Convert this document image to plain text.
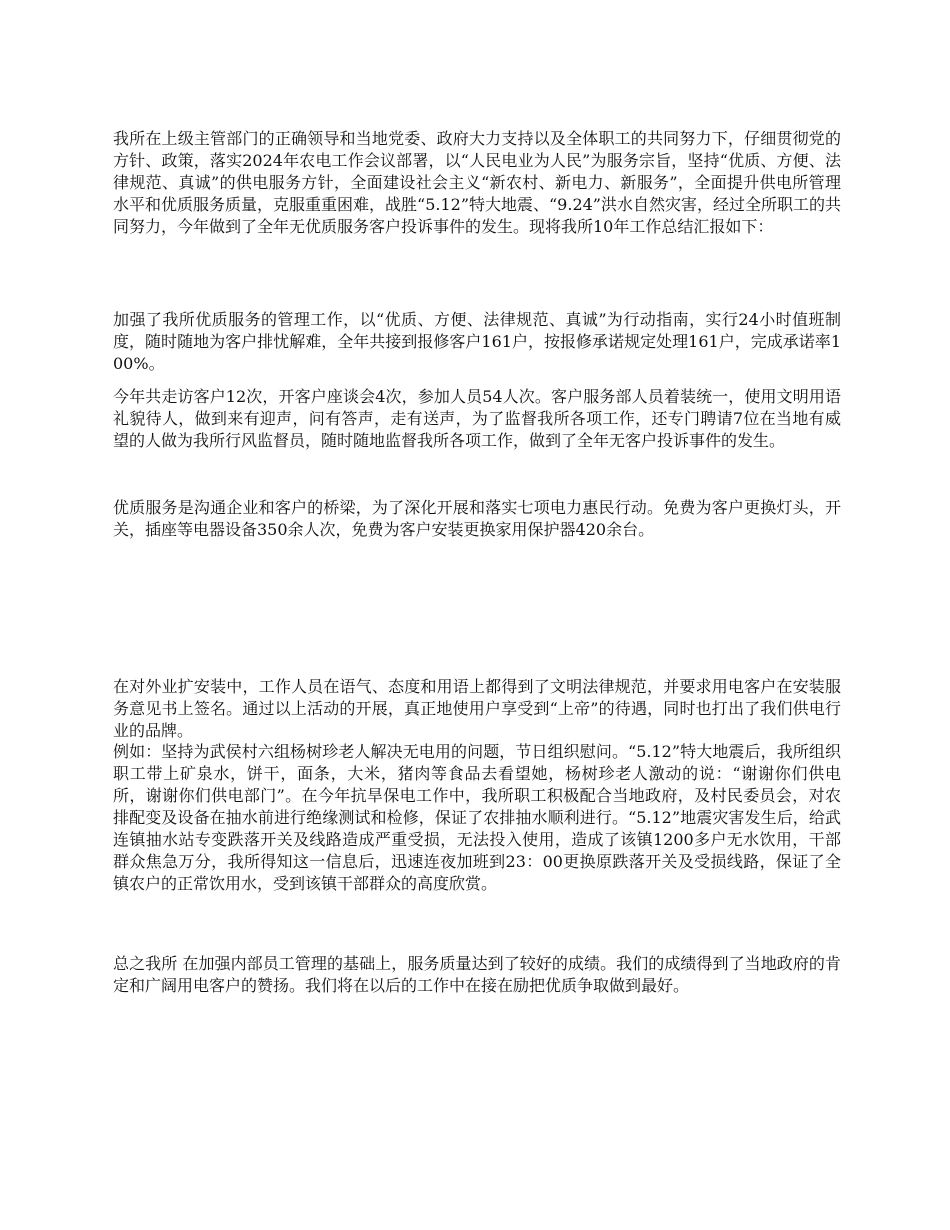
我所在上级主管部门的正确领导和当地党委、政府大力支持以及全体职工的共同努力下，仔细贯彻党的方针、政策，落实2024年农电工作会议部署，以“人民电业为人民”为服务宗旨，坚持“优质、方便、法律规范、真诚”的供电服务方针，全面建设社会主义“新农村、新电力、新服务”，全面提升供电所管理水平和优质服务质量，克服重重困难，战胜“5.12”特大地震、“9.24”洪水自然灾害，经过全所职工的共同努力，今年做到了全年无优质服务客户投诉事件的发生。现将我所10年工作总结汇报如下：

加强了我所优质服务的管理工作，以“优质、方便、法律规范、真诚”为行动指南，实行24小时值班制度，随时随地为客户排忧解难，全年共接到报修客户161户，按报修承诺规定处理161户，完成承诺率100%。

今年共走访客户12次，开客户座谈会4次，参加人员54人次。客户服务部人员着装统一，使用文明用语礼貌待人，做到来有迎声，问有答声，走有送声，为了监督我所各项工作，还专门聘请7位在当地有威望的人做为我所行风监督员，随时随地监督我所各项工作，做到了全年无客户投诉事件的发生。

优质服务是沟通企业和客户的桥梁，为了深化开展和落实七项电力惠民行动。免费为客户更换灯头，开关，插座等电器设备350余人次，免费为客户安装更换家用保护器420余台。

在对外业扩安装中，工作人员在语气、态度和用语上都得到了文明法律规范，并要求用电客户在安装服务意见书上签名。通过以上活动的开展，真正地使用户享受到“上帝”的待遇，同时也打出了我们供电行业的品牌。

例如：坚持为武侯村六组杨树珍老人解决无电用的问题，节日组织慰问。“5.12”特大地震后，我所组织职工带上矿泉水，饼干，面条，大米，猪肉等食品去看望她，杨树珍老人激动的说：“谢谢你们供电所，谢谢你们供电部门”。在今年抗旱保电工作中，我所职工积极配合当地政府，及村民委员会，对农排配变及设备在抽水前进行绝缘测试和检修，保证了农排抽水顺利进行。“5.12”地震灾害发生后，给武连镇抽水站专变跌落开关及线路造成严重受损，无法投入使用，造成了该镇1200多户无水饮用，干部群众焦急万分，我所得知这一信息后，迅速连夜加班到23：00更换原跌落开关及受损线路，保证了全镇农户的正常饮用水，受到该镇干部群众的高度欣赏。

总之我所 在加强内部员工管理的基础上，服务质量达到了较好的成绩。我们的成绩得到了当地政府的肯定和广阔用电客户的赞扬。我们将在以后的工作中在接在励把优质争取做到最好。
